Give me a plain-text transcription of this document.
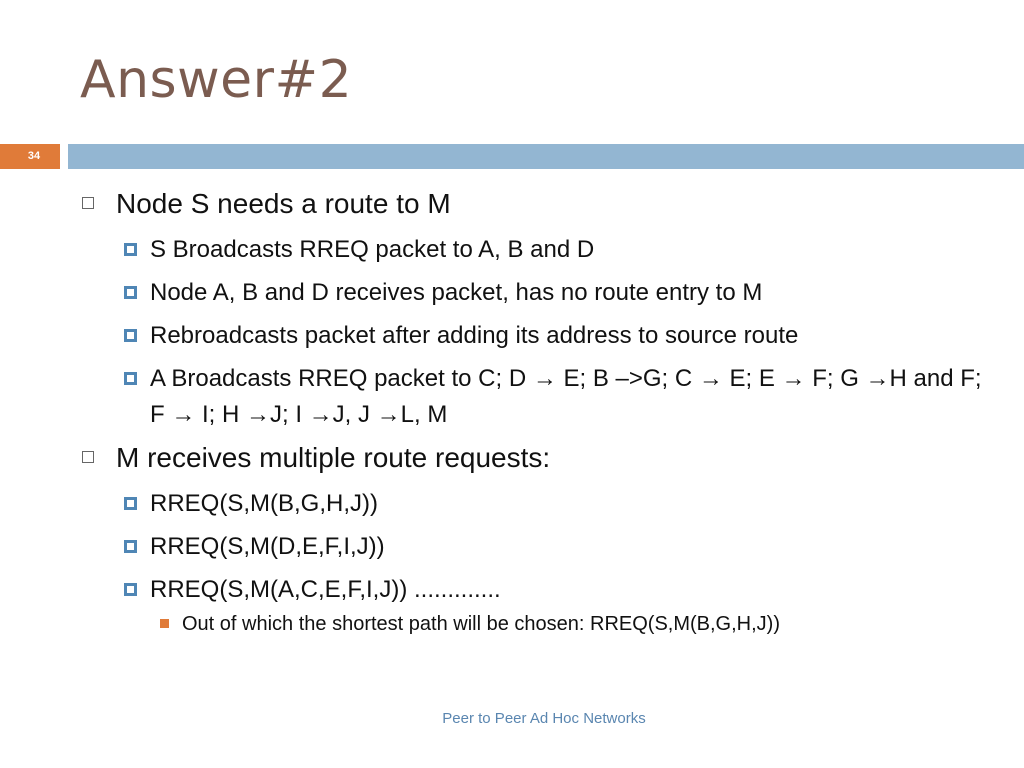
Answer#2
34
Node S needs a route to M
S Broadcasts RREQ packet to A, B and D
Node A, B and D receives packet, has no route entry to M
Rebroadcasts packet after adding its address to source route
A Broadcasts RREQ packet to C; D → E; B –>G; C → E; E → F; G →H and F; F → I; H →J; I →J, J →L, M
M receives multiple route requests:
RREQ(S,M(B,G,H,J))
RREQ(S,M(D,E,F,I,J))
RREQ(S,M(A,C,E,F,I,J)) .............
Out of which the shortest path will be chosen: RREQ(S,M(B,G,H,J))
Peer to Peer Ad Hoc Networks
